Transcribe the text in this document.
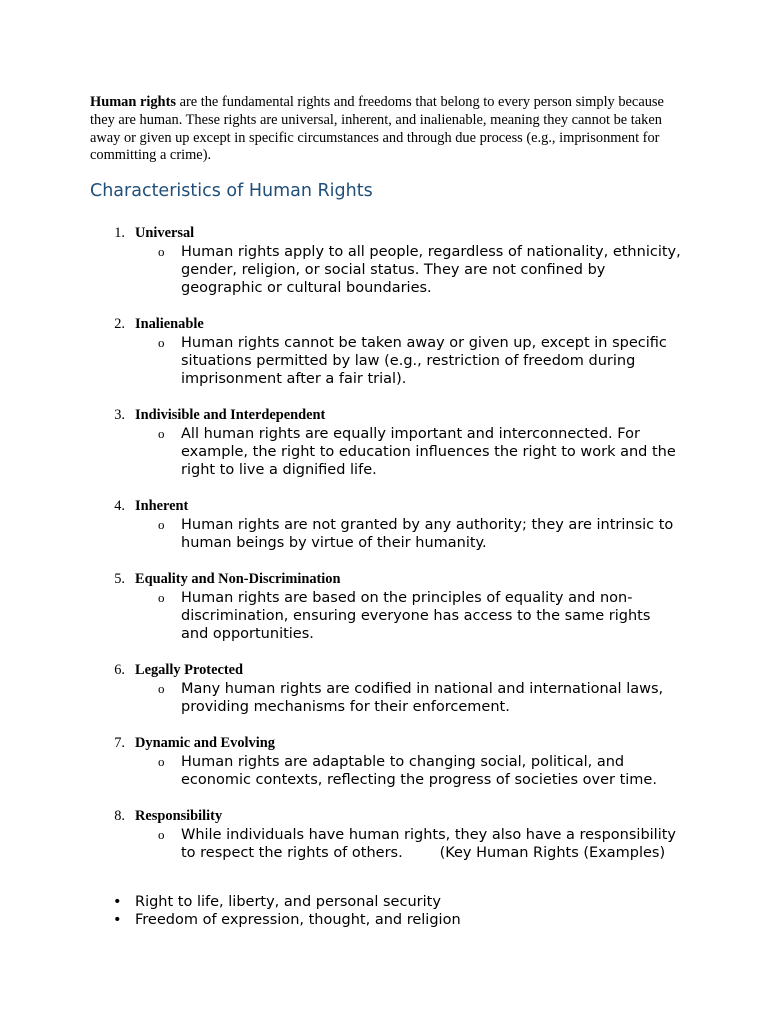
Human rights are the fundamental rights and freedoms that belong to every person simply because they are human. These rights are universal, inherent, and inalienable, meaning they cannot be taken away or given up except in specific circumstances and through due process (e.g., imprisonment for committing a crime).

Characteristics of Human Rights
1. Universal
o Human rights apply to all people, regardless of nationality, ethnicity, gender, religion, or social status. They are not confined by geographic or cultural boundaries.
2. Inalienable
o Human rights cannot be taken away or given up, except in specific situations permitted by law (e.g., restriction of freedom during imprisonment after a fair trial).
3. Indivisible and Interdependent
o All human rights are equally important and interconnected. For example, the right to education influences the right to work and the right to live a dignified life.
4. Inherent
o Human rights are not granted by any authority; they are intrinsic to human beings by virtue of their humanity.
5. Equality and Non-Discrimination
o Human rights are based on the principles of equality and non-discrimination, ensuring everyone has access to the same rights and opportunities.
6. Legally Protected
o Many human rights are codified in national and international laws, providing mechanisms for their enforcement.
7. Dynamic and Evolving
o Human rights are adaptable to changing social, political, and economic contexts, reflecting the progress of societies over time.
8. Responsibility
o While individuals have human rights, they also have a responsibility to respect the rights of others.        (Key Human Rights (Examples)
• Right to life, liberty, and personal security
• Freedom of expression, thought, and religion
